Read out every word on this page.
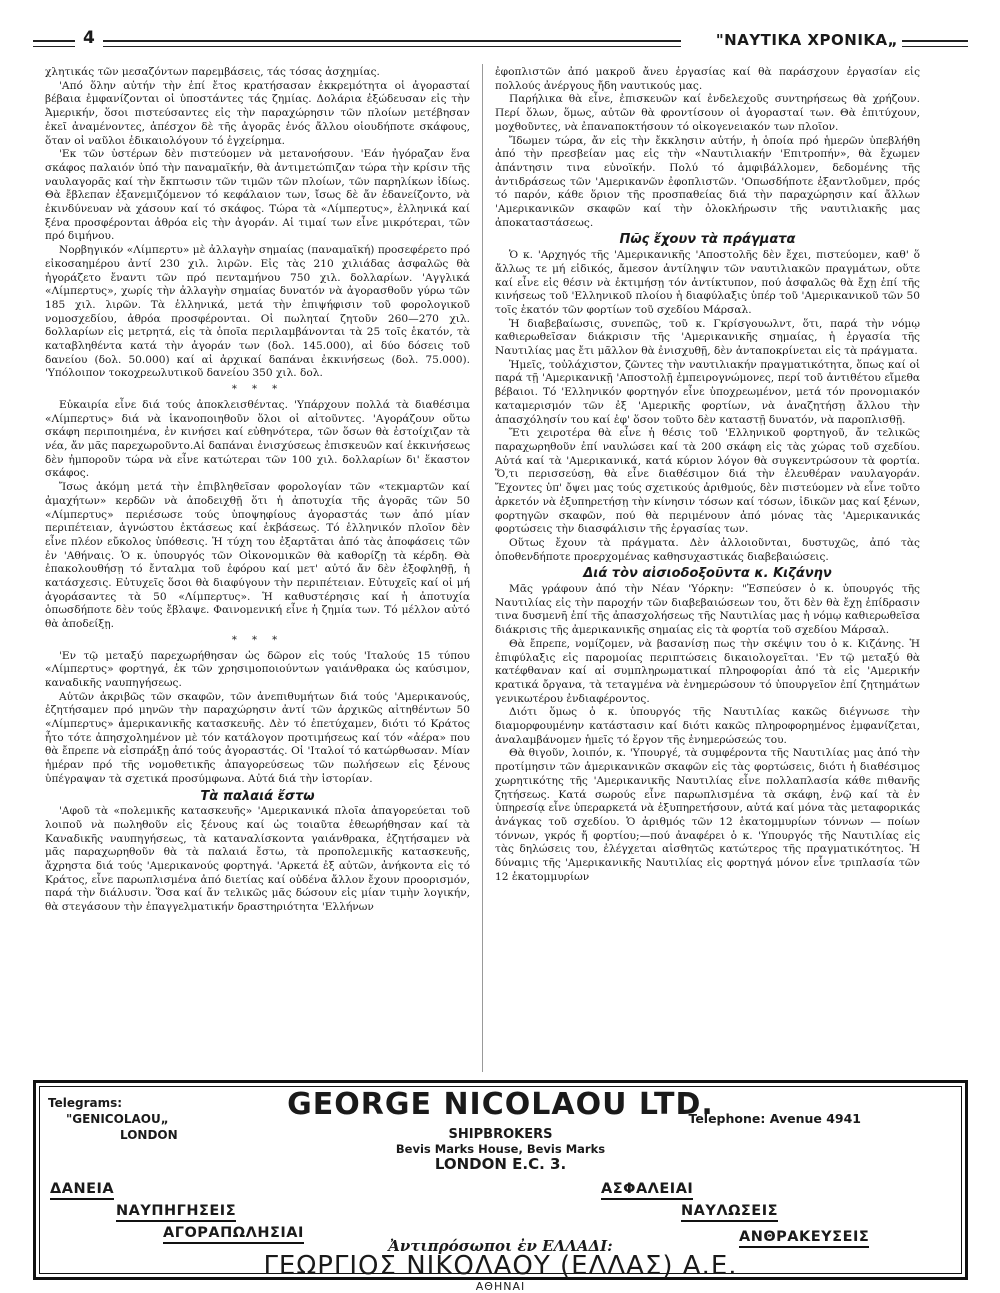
4	"ΝΑΥΤΙΚΑ ΧΡΟΝΙΚΑ„

χλητικάς τῶν μεσαζόντων παρεμβάσεις, τάς τόσας ἀσχημίας.

'Από ὅλην αὐτήν τὴν ἐπί ἔτος κρατήσασαν ἐκκρεμότητα οἱ ἀγορασταί βέβαια ἐμφανίζονται οἱ ὑποστάντες τάς ζημίας. Δολάρια ἐξώδευσαν εἰς τὴν Ἀμερικήν, ὅσοι πιστεύσαντες εἰς τὴν παραχώρησιν τῶν πλοίων μετέβησαν ἐκεῖ ἀναμένοντες, ἀπέσχον δὲ τῆς ἀγορᾶς ἑνός ἄλλου οἱουδήποτε σκάφους, ὅταν οἱ ναῦλοι ἐδικαιολόγουν τό ἐγχείρημα.

'Εκ τῶν ὑστέρων δὲν πιστεύομεν νὰ μετανοήσουν. 'Εάν ἠγόραζαν ἕνα σκάφος παλαιόν ὑπό τὴν παναμαϊκήν, θὰ ἀντιμετώπιζαν τώρα τὴν κρίσιν τῆς ναυλαγορᾶς καί τὴν ἔκπτωσιν τῶν τιμῶν τῶν πλοίων, τῶν παρηλίκων ἰδίως. Θὰ ἔβλεπαν ἐξανεμιζόμενον τό κεφάλαιον των, ἴσως δὲ ἄν ἐδανείζοντο, νὰ ἐκινδύνευαν νὰ χάσουν καί τό σκάφος. Τώρα τὰ «Λίμπερτυς», ἑλληνικά καί ξένα προσφέρονται ἀθρόα εἰς τὴν ἀγοράν. Αἱ τιμαί των εἶνε μικρότεραι, τῶν πρό διμήνου.

Νορβηγικόν «Λίμπερτυ» μὲ ἀλλαγὴν σημαίας (παναμαϊκή) προσεφέρετο πρό εἰκοσαημέρου ἀντί 230 χιλ. λιρῶν. Εἰς τὰς 210 χιλιάδας ἀσφαλῶς θὰ ἠγοράζετο ἔναντι τῶν πρό πενταμήνου 750 χιλ. δολλαρίων. 'Αγγλικά «Λίμπερτυς», χωρίς τὴν ἀλλαγὴν σημαίας δυνατόν νὰ ἀγορασθοῦν γύρω τῶν 185 χιλ. λιρῶν. Τὰ ἑλληνικά, μετά τὴν ἐπιψήφισιν τοῦ φορολογικοῦ νομοσχεδίου, ἀθρόα προσφέρονται. Οἱ πωληταί ζητοῦν 260—270 χιλ. δολλαρίων εἰς μετρητά, εἰς τὰ ὁποῖα περιλαμβάνονται τὰ 25 τοῖς ἑκατόν, τὰ καταβληθέντα κατά τὴν ἀγοράν των (δολ. 145.000), αἱ δύο δόσεις τοῦ δανείου (δολ. 50.000) καί αἱ ἀρχικαί δαπάναι ἐκκινήσεως (δολ. 75.000). 'Υπόλοιπον τοκοχρεωλυτικοῦ δανείου 350 χιλ. δολ.

* * *

Εὐκαιρία εἶνε διά τούς ἀποκλεισθέντας. 'Υπάρχουν πολλά τὰ διαθέσιμα «Λίμπερτυς» διά νὰ ἱκανοποιηθοῦν ὅλοι οἱ αἰτοῦντες. 'Αγοράζουν οὕτω σκάφη περιποιημένα, ἐν κινήσει καί εὐθηνότερα, τῶν ὅσων θὰ ἐστοίχιζαν τὰ νέα, ἄν μᾶς παρεχωροῦντο.Αἱ δαπάναι ἐνισχύσεως ἐπισκευῶν καί ἐκκινήσεως δὲν ἠμποροῦν τώρα νὰ εἶνε κατώτεραι τῶν 100 χιλ. δολλαρίων δι' ἕκαστον σκάφος.

Ἴσως ἀκόμη μετά τὴν ἐπιβληθεῖσαν φορολογίαν τῶν «τεκμαρτῶν καί ἀμαχήτων» κερδῶν νὰ ἀποδειχθῇ ὅτι ἡ ἀποτυχία τῆς ἀγορᾶς τῶν 50 «Λίμπερτυς» περιέσωσε τούς ὑποψηφίους ἀγοραστάς των ἀπό μίαν περιπέτειαν, ἀγνώστου ἐκτάσεως καί ἐκβάσεως. Τό ἑλληνικόν πλοῖον δὲν εἶνε πλέον εὔκολος ὑπόθεσις. Ἡ τύχη του ἐξαρτᾶται ἀπό τὰς ἀποφάσεις τῶν ἐν 'Αθήναις. Ὁ κ. ὑπουργός τῶν Οἰκονομικῶν θὰ καθορίζῃ τὰ κέρδη. Θὰ ἐπακολουθήσῃ τό ἔνταλμα τοῦ ἐφόρου καί μετ' αὐτό ἄν δὲν ἐξοφληθῇ, ἡ κατάσχεσις. Εὐτυχεῖς ὅσοι θὰ διαφύγουν τὴν περιπέτειαν. Εὐτυχεῖς καί οἱ μή ἀγοράσαντες τὰ 50 «Λίμπερτυς». Ἡ καθυστέρησις καί ἡ ἀποτυχία ὁπωσδήποτε δὲν τούς ἔβλαψε. Φαινομενική εἶνε ἡ ζημία των. Τό μέλλον αὐτό θὰ ἀποδείξῃ.

* * *

'Εν τῷ μεταξύ παρεχωρήθησαν ὡς δῶρον εἰς τούς 'Ιταλούς 15 τύπου «Λίμπερτυς» φορτηγά, ἐκ τῶν χρησιμοποιούντων γαιάνθρακα ὡς καύσιμον, καναδικῆς ναυπηγήσεως.

Αὐτῶν ἀκριβῶς τῶν σκαφῶν, τῶν ἀνεπιθυμήτων διά τούς 'Αμερικανούς, ἐζητήσαμεν πρό μηνῶν τὴν παραχώρησιν ἀντί τῶν ἀρχικῶς αἰτηθέντων 50 «Λίμπερτυς» ἀμερικανικῆς κατασκευῆς. Δὲν τό ἐπετύχαμεν, διότι τό Κράτος ἦτο τότε ἀπησχολημένον μὲ τόν κατάλογον προτιμήσεως καί τόν «ἀέρα» που θὰ ἔπρεπε νὰ εἰσπράξῃ ἀπό τούς ἀγοραστάς. Οἱ 'Ιταλοί τό κατώρθωσαν. Μίαν ἡμέραν πρό τῆς νομοθετικῆς ἀπαγορεύσεως τῶν πωλήσεων εἰς ξένους ὑπέγραψαν τὰ σχετικά προσύμφωνα. Αὐτά διά τὴν ἱστορίαν.

Τὰ παλαιά ἔστω

'Αφοῦ τὰ «πολεμικῆς κατασκευῆς» 'Αμερικανικά πλοῖα ἀπαγορεύεται τοῦ λοιποῦ νὰ πωληθοῦν εἰς ξένους καί ὡς τοιαῦτα ἐθεωρήθησαν καί τὰ Καναδικῆς ναυπηγήσεως, τὰ καταναλίσκοντα γαιάνθρακα, ἐζητήσαμεν νὰ μᾶς παραχωρηθοῦν θὰ τὰ παλαιά ἔστω, τὰ προπολεμικῆς κατασκευῆς, ἄχρηστα διά τούς 'Αμερικανούς φορτηγά. 'Αρκετά ἐξ αὐτῶν, ἀνήκοντα εἰς τό Κράτος, εἶνε παρωπλισμένα ἀπό διετίας καί οὐδένα ἄλλον ἔχουν προορισμόν, παρά τὴν διάλυσιν. Ὅσα καί ἄν τελικῶς μᾶς δώσουν εἰς μίαν τιμὴν λογικήν, θὰ στεγάσουν τὴν ἐπαγγελματικήν δραστηριότητα 'Ελλήνων

ἐφοπλιστῶν ἀπό μακροῦ ἄνευ ἐργασίας καί θὰ παράσχουν ἐργασίαν εἰς πολλούς ἀνέργους ἤδη ναυτικούς μας.

Παρήλικα θὰ εἶνε, ἐπισκευῶν καί ἐνδελεχοῦς συντηρήσεως θὰ χρήζουν. Περί ὅλων, ὅμως, αὐτῶν θὰ φροντίσουν οἱ ἀγορασταί των. Θὰ ἐπιτύχουν, μοχθοῦντες, νὰ ἐπαναποκτήσουν τό οἰκογενειακόν των πλοῖον.

Ἴδωμεν τώρα, ἄν εἰς τὴν ἔκκλησιν αὐτήν, ἡ ὁποία πρό ἡμερῶν ὑπεβλήθη ἀπό τὴν πρεσβείαν μας εἰς τὴν «Ναυτιλιακήν 'Επιτροπήν», θὰ ἔχωμεν ἀπάντησιν τινα εὐνοϊκήν. Πολύ τό ἀμφιβάλλομεν, δεδομένης τῆς ἀντιδράσεως τῶν 'Αμερικανῶν ἐφοπλιστῶν. 'Οπωσδήποτε ἐξαντλοῦμεν, πρός τό παρόν, κάθε ὅριον τῆς προσπαθείας διά τὴν παραχώρησιν καί ἄλλων 'Αμερικανικῶν σκαφῶν καί τὴν ὁλοκλήρωσιν τῆς ναυτιλιακῆς μας ἀποκαταστάσεως.

Πῶς ἔχουν τὰ πράγματα

Ὁ κ. 'Αρχηγός τῆς 'Αμερικανικῆς 'Αποστολῆς δὲν ἔχει, πιστεύομεν, καθ' ὅ ἄλλως τε μή εἰδικός, ἄμεσον ἀντίληψιν τῶν ναυτιλιακῶν πραγμάτων, οὔτε καί εἶνε εἰς θέσιν νὰ ἐκτιμήσῃ τόν ἀντίκτυπον, πού ἀσφαλῶς θὰ ἔχῃ ἐπί τῆς κινήσεως τοῦ 'Ελληνικοῦ πλοίου ἡ διαφύλαξις ὑπέρ τοῦ 'Αμερικανικοῦ τῶν 50 τοῖς ἑκατόν τῶν φορτίων τοῦ σχεδίου Μάρσαλ.

Ἡ διαβεβαίωσις, συνεπῶς, τοῦ κ. Γκρίσγουωλντ, ὅτι, παρά τὴν νόμῳ καθιερωθεῖσαν διάκρισιν τῆς 'Αμερικανικῆς σημαίας, ἡ ἐργασία τῆς Ναυτιλίας μας ἔτι μᾶλλον θὰ ἐνισχυθῇ, δὲν ἀνταποκρίνεται εἰς τὰ πράγματα.

Ἡμεῖς, τοὐλάχιστον, ζῶντες τὴν ναυτιλιακήν πραγματικότητα, ὅπως καί οἱ παρά τῇ 'Αμερικανικῇ 'Αποστολῇ ἐμπειρογνώμονες, περί τοῦ ἀντιθέτου εἴμεθα βέβαιοι. Τό 'Ελληνικόν φορτηγόν εἶνε ὑποχρεωμένον, μετά τόν προνομιακόν καταμερισμόν τῶν ἐξ 'Αμερικῆς φορτίων, νὰ ἀναζητήσῃ ἄλλου τὴν ἀπασχόλησίν του καί ἐφ' ὅσον τοῦτο δὲν καταστῇ δυνατόν, νὰ παροπλισθῇ.

Ἔτι χειροτέρα θὰ εἶνε ἡ θέσις τοῦ 'Ελληνικοῦ φορτηγοῦ, ἄν τελικῶς παραχωρηθοῦν ἐπί ναυλώσει καί τὰ 200 σκάφη εἰς τὰς χώρας τοῦ σχεδίου. Αὐτά καί τὰ 'Αμερικανικά, κατά κύριον λόγον θὰ συγκεντρώσουν τὰ φορτία. Ὅ,τι περισσεύσῃ, θὰ εἶνε διαθέσιμον διά τὴν ἐλευθέραν ναυλαγοράν. Ἔχοντες ὑπ' ὄψει μας τούς σχετικούς ἀριθμούς, δὲν πιστεύομεν νὰ εἶνε τοῦτο ἀρκετόν νὰ ἐξυπηρετήσῃ τὴν κίνησιν τόσων καί τόσων, ἰδικῶν μας καί ξένων, φορτηγῶν σκαφῶν, πού θὰ περιμένουν ἀπό μόνας τὰς 'Αμερικανικάς φορτώσεις τὴν διασφάλισιν τῆς ἐργασίας των.

Οὕτως ἔχουν τὰ πράγματα. Δὲν ἀλλοιοῦνται, δυστυχῶς, ἀπό τὰς ὁποθενδήποτε προερχομένας καθησυχαστικάς διαβεβαιώσεις.

Διά τὸν αἰσιοδοξοῦντα κ. Κιζάνην

Μᾶς γράφουν ἀπό τὴν Νέαν 'Υόρκην: "Ἐσπεύσεν ὁ κ. ὑπουργός τῆς Ναυτιλίας εἰς τὴν παροχήν τῶν διαβεβαιώσεων του, ὅτι δὲν θὰ ἔχῃ ἐπίδρασιν τινα δυσμενῆ ἐπί τῆς ἀπασχολήσεως τῆς Ναυτιλίας μας ἡ νόμῳ καθιερωθεῖσα διάκρισις τῆς ἀμερικανικῆς σημαίας εἰς τὰ φορτία τοῦ σχεδίου Μάρσαλ.

Θὰ ἔπρεπε, νομίζομεν, νὰ βασανίσῃ πως τὴν σκέψιν του ὁ κ. Κιζάνης. Ἡ ἐπιφύλαξις εἰς παρομοίας περιπτώσεις δικαιολογεῖται. 'Εν τῷ μεταξύ θὰ κατέφθαναν καί αἱ συμπληρωματικαί πληροφορίαι ἀπό τὰ εἰς 'Αμερικήν κρατικά ὄργανα, τὰ τεταγμένα νὰ ἐνημερώσουν τό ὑπουργεῖον ἐπί ζητημάτων γενικωτέρου ἐνδιαφέροντος.

Διότι ὅμως ὁ κ. ὑπουργός τῆς Ναυτιλίας κακῶς διέγνωσε τὴν διαμορφουμένην κατάστασιν καί διότι κακῶς πληροφορημένος ἐμφανίζεται, ἀναλαμβάνομεν ἡμεῖς τό ἔργον τῆς ἐνημερώσεώς του.

Θὰ θιγοῦν, λοιπόν, κ. 'Υπουργέ, τὰ συμφέροντα τῆς Ναυτιλίας μας ἀπό τὴν προτίμησιν τῶν ἀμερικανικῶν σκαφῶν εἰς τὰς φορτώσεις, διότι ἡ διαθέσιμος χωρητικότης τῆς 'Αμερικανικῆς Ναυτιλίας εἶνε πολλαπλασία κάθε πιθανῆς ζητήσεως. Κατά σωρούς εἶνε παρωπλισμένα τὰ σκάφη, ἐνῷ καί τὰ ἐν ὑπηρεσίᾳ εἶνε ὑπεραρκετά νὰ ἐξυπηρετήσουν, αὐτά καί μόνα τὰς μεταφορικάς ἀνάγκας τοῦ σχεδίου. Ὁ ἀριθμός τῶν 12 ἑκατομμυρίων τόννων — ποίων τόννων, γκρός ἤ φορτίου;—πού ἀναφέρει ὁ κ. 'Υπουργός τῆς Ναυτιλίας εἰς τὰς δηλώσεις του, ἐλέγχεται αἰσθητῶς κατώτερος τῆς πραγματικότητος. Ἡ δύναμις τῆς 'Αμερικανικῆς Ναυτιλίας εἰς φορτηγά μόνον εἶνε τριπλασία τῶν 12 ἑκατομμυρίων

GEORGE NICOLAOU LTD.
Telegrams:
"GENICOLAOU„
LONDON
Telephone: Avenue 4941
SHIPBROKERS
Bevis Marks House, Bevis Marks
LONDON E.C. 3.
ΔΑΝΕΙΑ
ΝΑΥΠΗΓΗΣΕΙΣ
ΑΓΟΡΑΠΩΛΗΣΙΑΙ
ΑΣΦΑΛΕΙΑΙ
ΝΑΥΛΩΣΕΙΣ
ΑΝΘΡΑΚΕΥΣΕΙΣ
Ἀντιπρόσωποι ἐν ΕΛΛΑΔΙ:
ΓΕΩΡΓΙΟΣ ΝΙΚΟΛΑΟΥ (ΕΛΛΑΣ) Α.Ε.
ΑΘΗΝΑΙ
